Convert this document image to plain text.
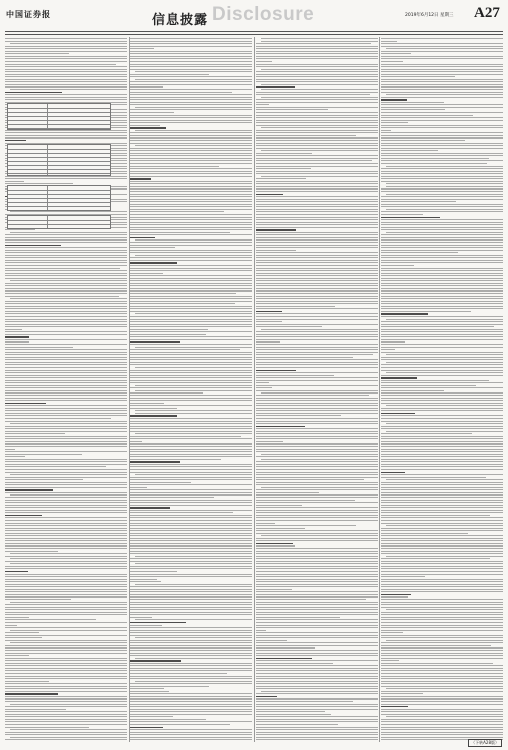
中国证券报	信息披露 Disclosure	2019年6月12日 星期三 A27
（下转A28版）
